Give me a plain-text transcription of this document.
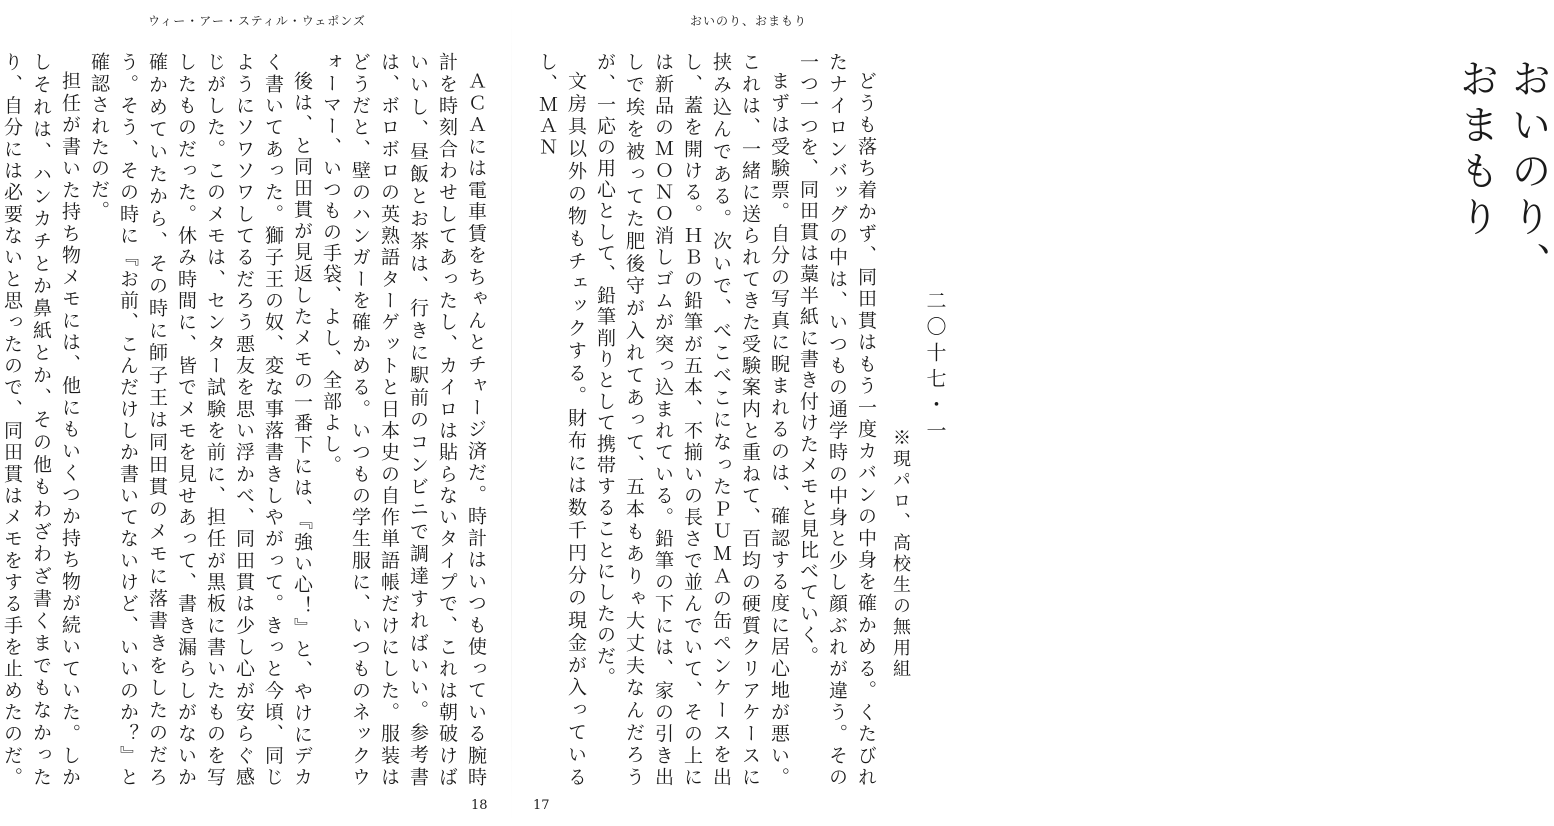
ウィー・アー・スティル・ウェポンズ

ＡＣＡには電車賃をちゃんとチャージ済だ。時計はいつも使っている腕時計を時刻合わせしてあったし、カイロは貼らないタイプで、これは朝破けばいいし、昼飯とお茶は、行きに駅前のコンビニで調達すればいい。参考書は、ボロボロの英熟語ターゲットと日本史の自作単語帳だけにした。服装はどうだと、壁のハンガーを確かめる。いつもの学生服に、いつものネックウォーマー、いつもの手袋、よし、全部よし。

後は、と同田貫が見返したメモの一番下には、『強い心！』と、やけにデカく書いてあった。獅子王の奴、変な事落書きしやがって。きっと今頃、同じようにソワソワしてるだろう悪友を思い浮かべ、同田貫は少し心が安らぐ感じがした。このメモは、センター試験を前に、担任が黒板に書いたものを写したものだった。休み時間に、皆でメモを見せあって、書き漏らしがないか確かめていたから、その時に師子王は同田貫のメモに落書きをしたのだろう。そう、その時に『お前、こんだけしか書いてないけど、いいのか？』と確認されたのだ。

担任が書いた持ち物メモには、他にもいくつか持ち物が続いていた。しかしそれは、ハンカチとか鼻紙とか、その他もわざわざ書くまでもなかったり、自分には必要ないと思ったので、同田貫はメモをする手を止めたのだ。

18
おいのり、おまもり
おいのり、
おまもり

どうも落ち着かず、同田貫はもう一度カバンの中身を確かめる。くたびれたナイロンバッグの中は、いつもの通学時の中身と少し顔ぶれが違う。その一つ一つを、同田貫は藁半紙に書き付けたメモと見比べていく。

まずは受験票。自分の写真に睨まれるのは、確認する度に居心地が悪い。これは、一緒に送られてきた受験案内と重ねて、百均の硬質クリアケースに挟み込んである。次いで、べこべこになったＰＵＭＡの缶ペンケースを出し、蓋を開ける。ＨＢの鉛筆が五本、不揃いの長さで並んでいて、その上には新品のＭＯＮＯ消しゴムが突っ込まれている。鉛筆の下には、家の引き出しで埃を被ってた肥後守が入れてあって、五本もありゃ大丈夫なんだろうが、一応の用心として、鉛筆削りとして携帯することにしたのだ。

文房具以外の物もチェックする。財布には数千円分の現金が入っているし、ＭＡＮ

17
二〇十七・一
※現パロ、高校生の無用組
